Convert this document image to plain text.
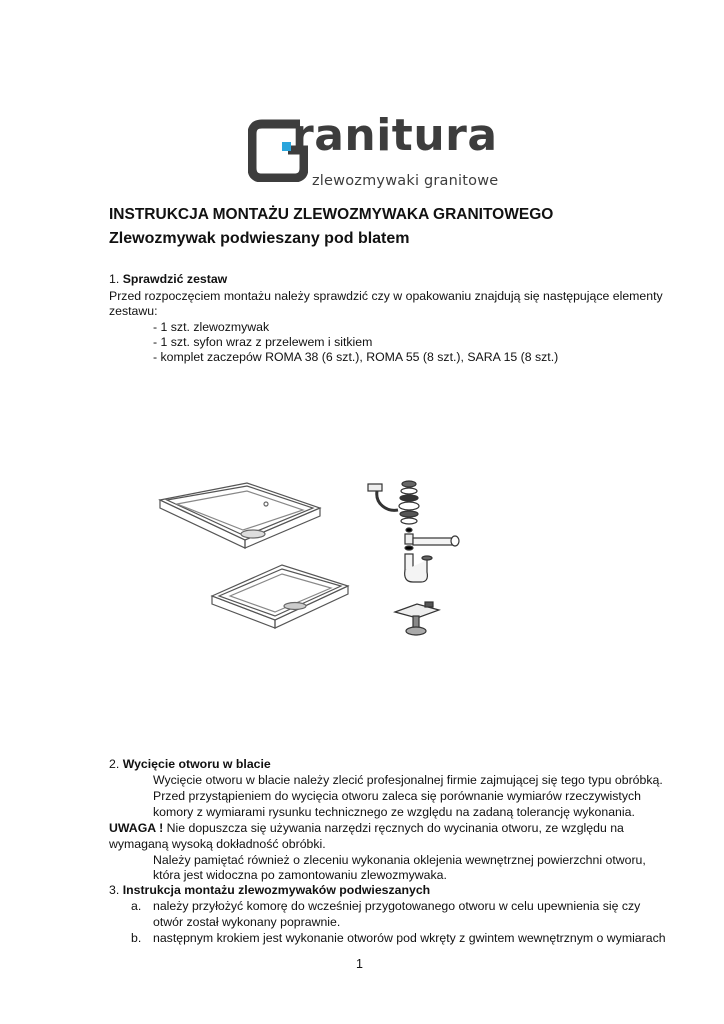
ranitura
zlewozmywaki granitowe
INSTRUKCJA MONTAŻU ZLEWOZMYWAKA GRANITOWEGO
Zlewozmywak podwieszany pod blatem
1. Sprawdzić zestaw
Przed rozpoczęciem montażu należy sprawdzić czy w opakowaniu znajdują się następujące elementy
zestawu:
- 1 szt. zlewozmywak
- 1 szt. syfon wraz z przelewem i sitkiem
- komplet zaczepów ROMA 38 (6 szt.), ROMA 55 (8 szt.), SARA 15 (8 szt.)
2. Wycięcie otworu w blacie
Wycięcie otworu w blacie należy zlecić profesjonalnej firmie zajmującej się tego typu obróbką.
Przed przystąpieniem do wycięcia otworu zaleca się porównanie wymiarów rzeczywistych
komory z wymiarami rysunku technicznego ze względu na zadaną tolerancję wykonania.
UWAGA ! Nie dopuszcza się używania narzędzi ręcznych do wycinania otworu, ze względu na
wymaganą wysoką dokładność obróbki.
Należy pamiętać również o zleceniu wykonania oklejenia wewnętrznej powierzchni otworu,
która jest widoczna po zamontowaniu zlewozmywaka.
3. Instrukcja montażu zlewozmywaków podwieszanych
a. należy przyłożyć komorę do wcześniej przygotowanego otworu w celu upewnienia się czy
otwór został wykonany poprawnie.
b. następnym krokiem jest wykonanie otworów pod wkręty z gwintem wewnętrznym o wymiarach
1
